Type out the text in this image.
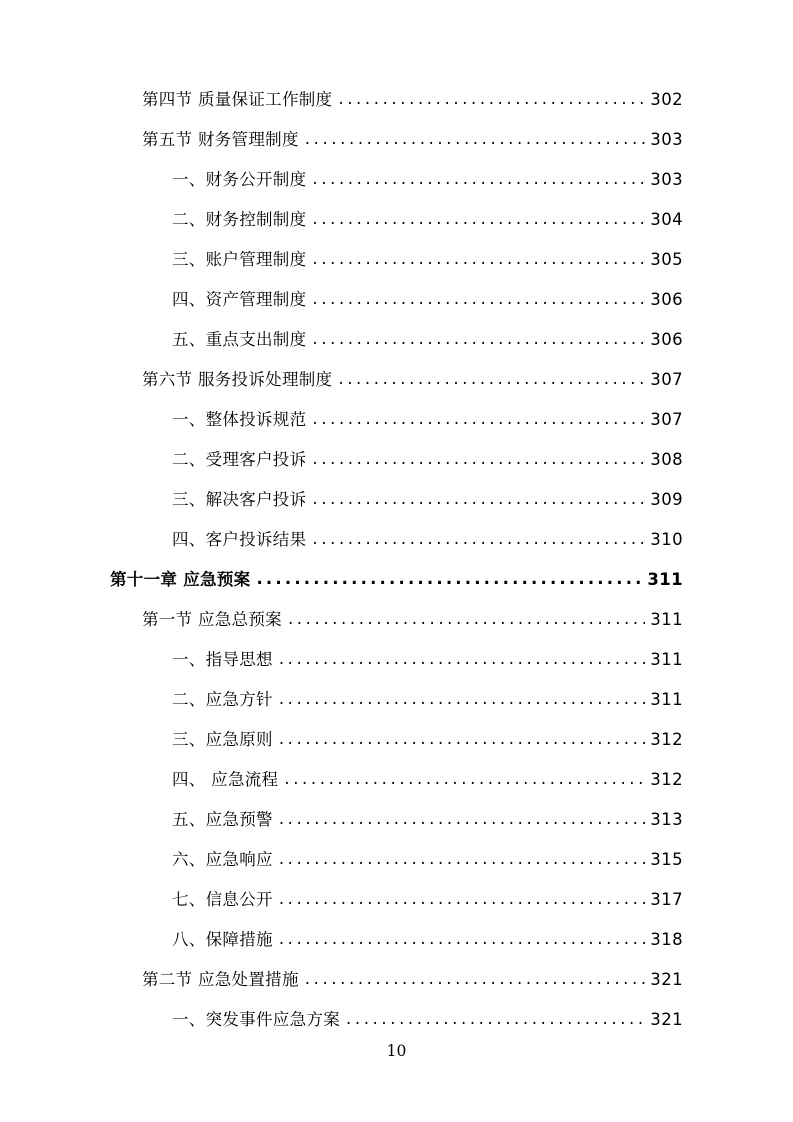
第四节 质量保证工作制度 .....	302
第五节 财务管理制度 .....	303
一、财务公开制度 .....	303
二、财务控制制度 .....	304
三、账户管理制度 .....	305
四、资产管理制度 .....	306
五、重点支出制度 .....	306
第六节 服务投诉处理制度 .....	307
一、整体投诉规范 .....	307
二、受理客户投诉 .....	308
三、解决客户投诉 .....	309
四、客户投诉结果 .....	310
第十一章 应急预案 .....	311
第一节 应急总预案 .....	311
一、指导思想 .....	311
二、应急方针 .....	311
三、应急原则 .....	312
四、 应急流程 .....	312
五、应急预警 .....	313
六、应急响应 .....	315
七、信息公开 .....	317
八、保障措施 .....	318
第二节 应急处置措施 .....	321
一、突发事件应急方案 .....	321
10
